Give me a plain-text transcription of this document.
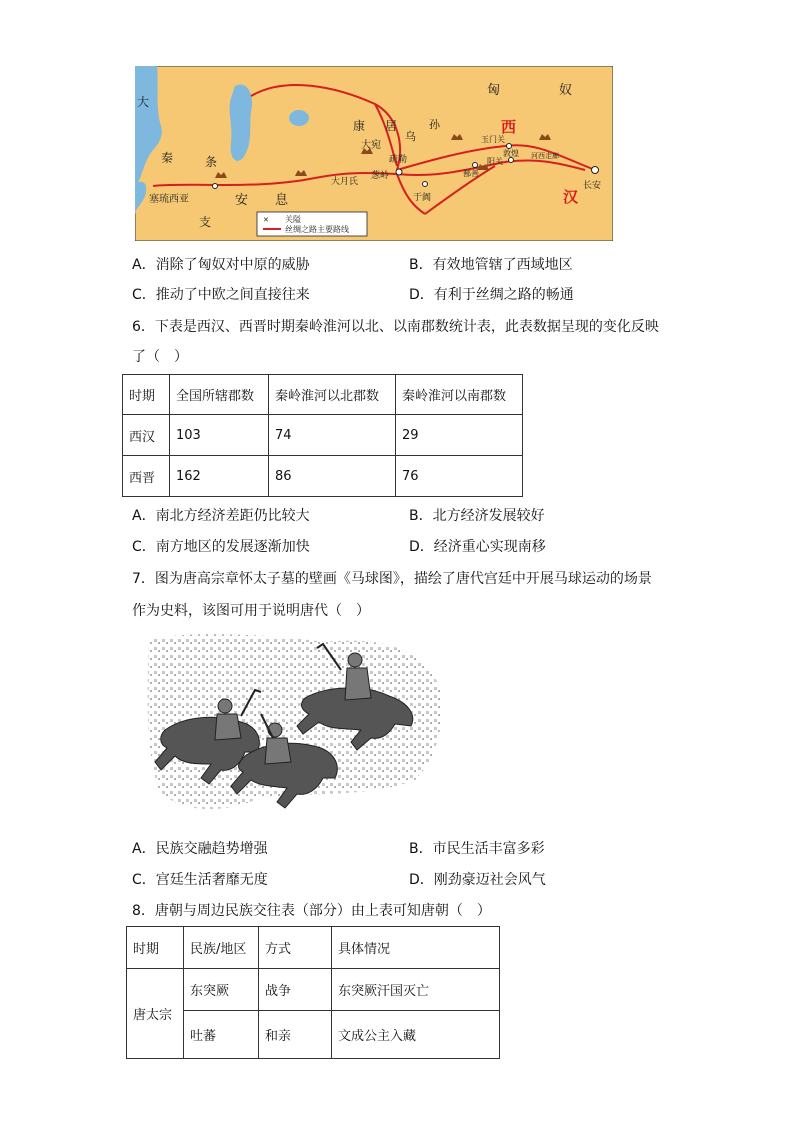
✕ 关隘
丝绸之路主要路线
大
秦	条
支
塞琉西亚	安 息
康 居
大宛
乌
孙
匈	奴
西
汉
玉门关
阳关
敦煌 河西走廊
疏勒
葱岭
大月氏
鄯善
于阗
长安
A．消除了匈奴对中原的威胁	B．有效地管辖了西域地区
C．推动了中欧之间直接往来	D．有利于丝绸之路的畅通
6．下表是西汉、西晋时期秦岭淮河以北、以南郡数统计表，此表数据呈现的变化反映
了（　）
时期	全国所辖郡数	秦岭淮河以北郡数	秦岭淮河以南郡数
西汉	103	74	29
西晋	162	86	76
A．南北方经济差距仍比较大	B．北方经济发展较好
C．南方地区的发展逐渐加快	D．经济重心实现南移
7．图为唐高宗章怀太子墓的壁画《马球图》，描绘了唐代宫廷中开展马球运动的场景
作为史料，该图可用于说明唐代（　）
A．民族交融趋势增强	B．市民生活丰富多彩
C．宫廷生活奢靡无度	D．刚劲豪迈社会风气
8．唐朝与周边民族交往表（部分）由上表可知唐朝（　）
时期	民族/地区	方式	具体情况
唐太宗	东突厥	战争	东突厥汗国灭亡
	吐蕃	和亲	文成公主入藏
